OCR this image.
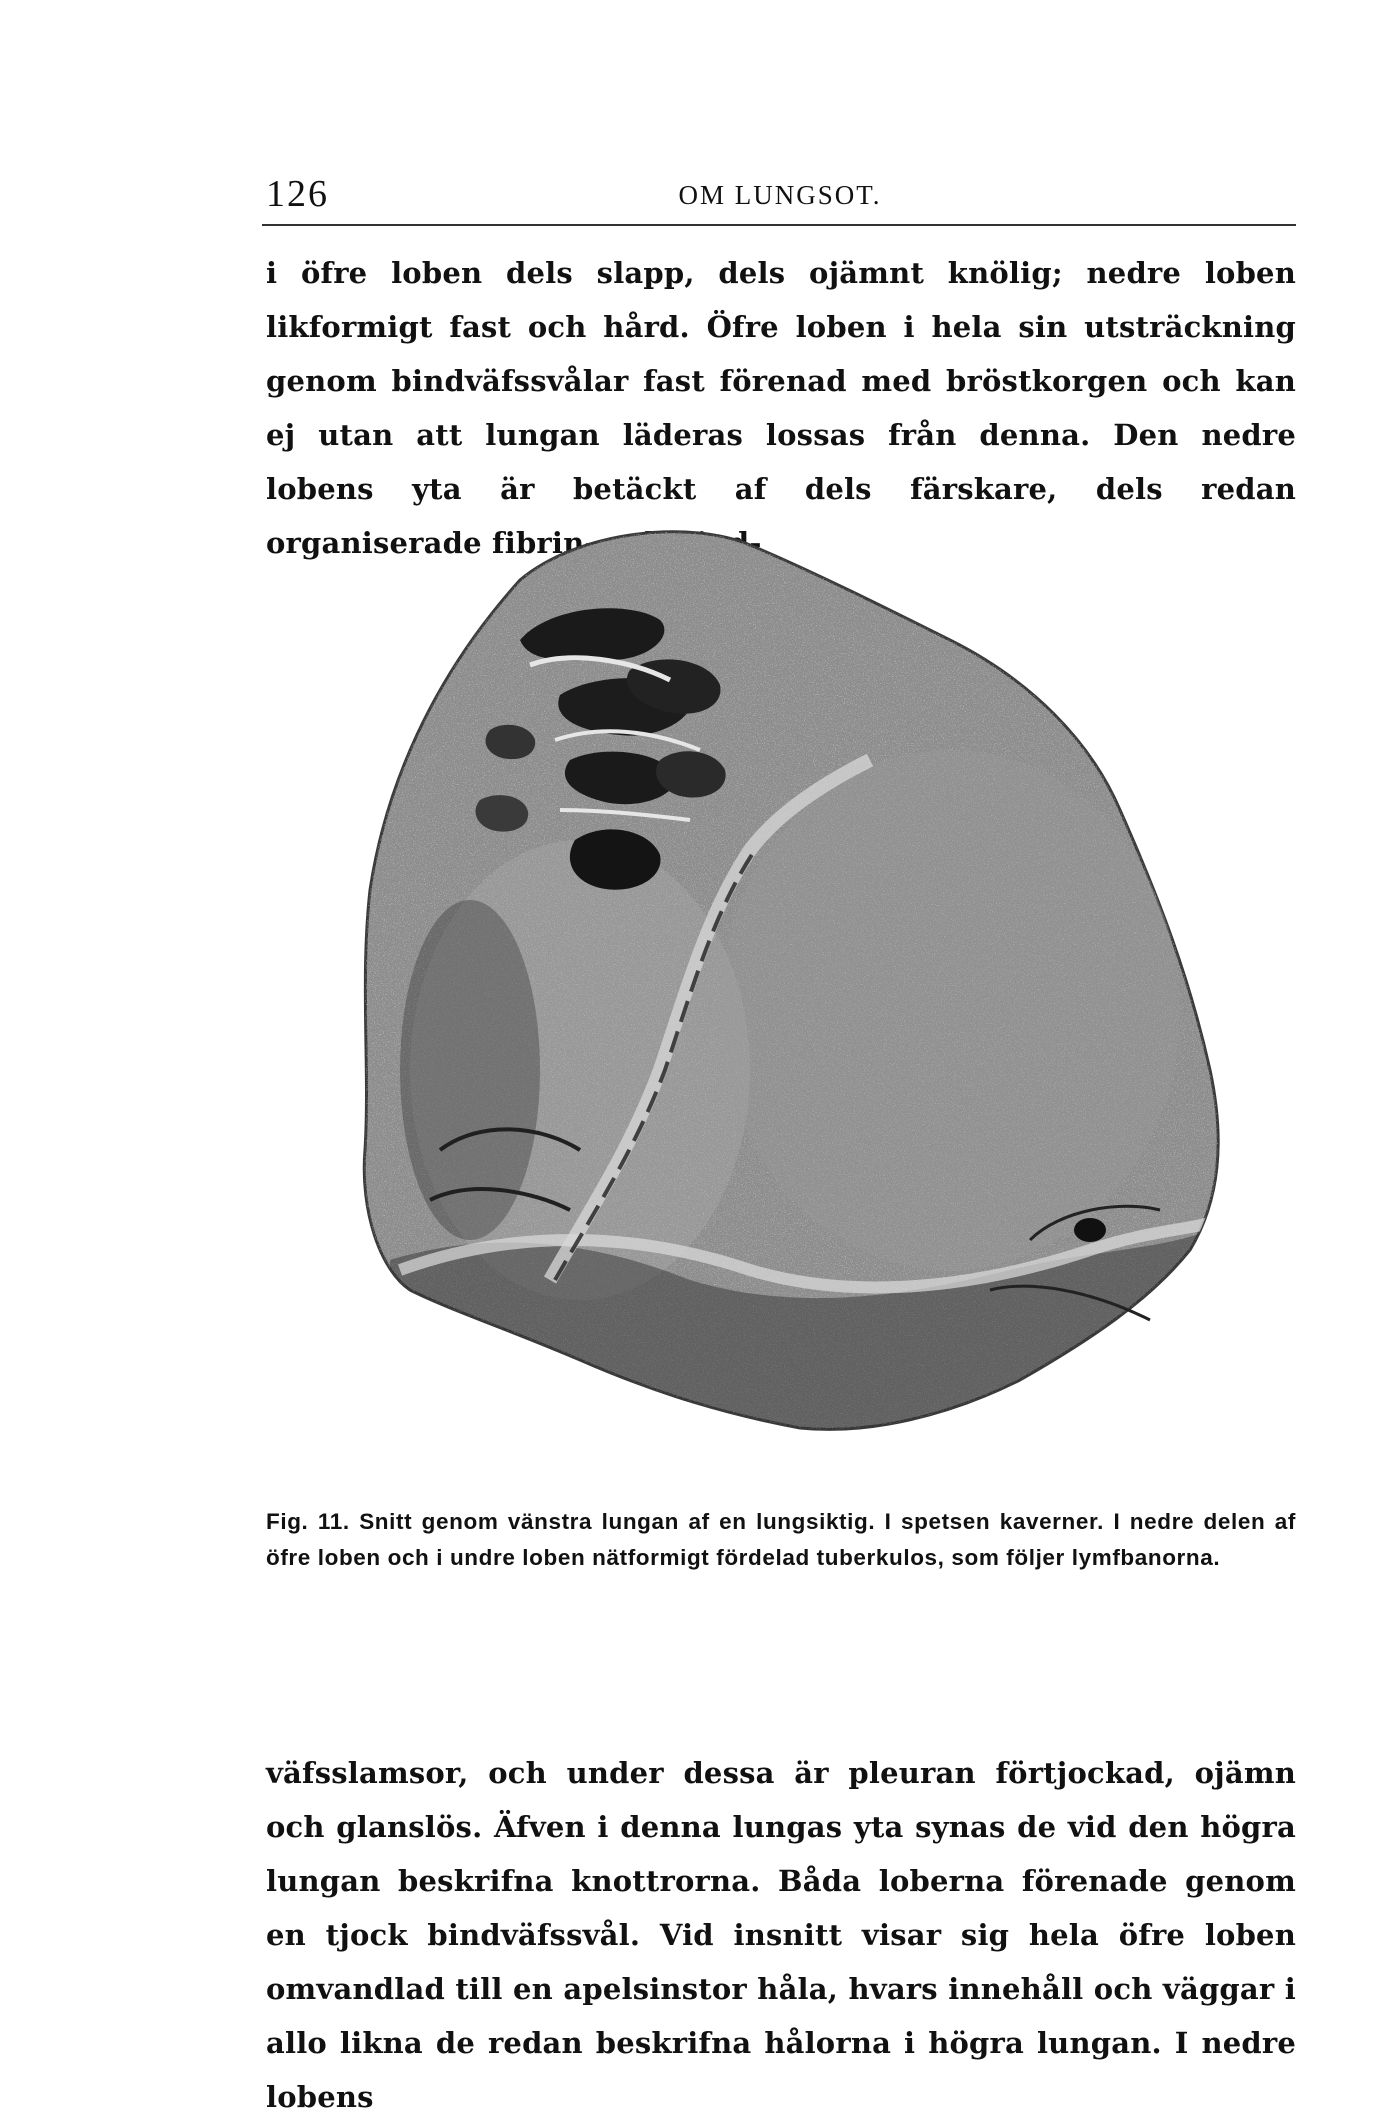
126	OM LUNGSOT.

i öfre loben dels slapp, dels ojämnt knölig; nedre loben likformigt fast och hård. Öfre loben i hela sin utsträckning genom bindväfssvålar fast förenad med bröstkorgen och kan ej utan att lungan läderas lossas från denna. Den nedre lobens yta är betäckt af dels färskare, dels redan organiserade fibrin- och bind-

Fig. 11. Snitt genom vänstra lungan af en lungsiktig. I spetsen kaverner. I nedre delen af öfre loben och i undre loben nätformigt fördelad tuberkulos, som följer lymfbanorna.

väfsslamsor, och under dessa är pleuran förtjockad, ojämn och glanslös. Äfven i denna lungas yta synas de vid den högra lungan beskrifna knottrorna. Båda loberna förenade genom en tjock bindväfssvål. Vid insnitt visar sig hela öfre loben omvandlad till en apelsinstor håla, hvars innehåll och väggar i allo likna de redan beskrifna hålorna i högra lungan. I nedre lobens
